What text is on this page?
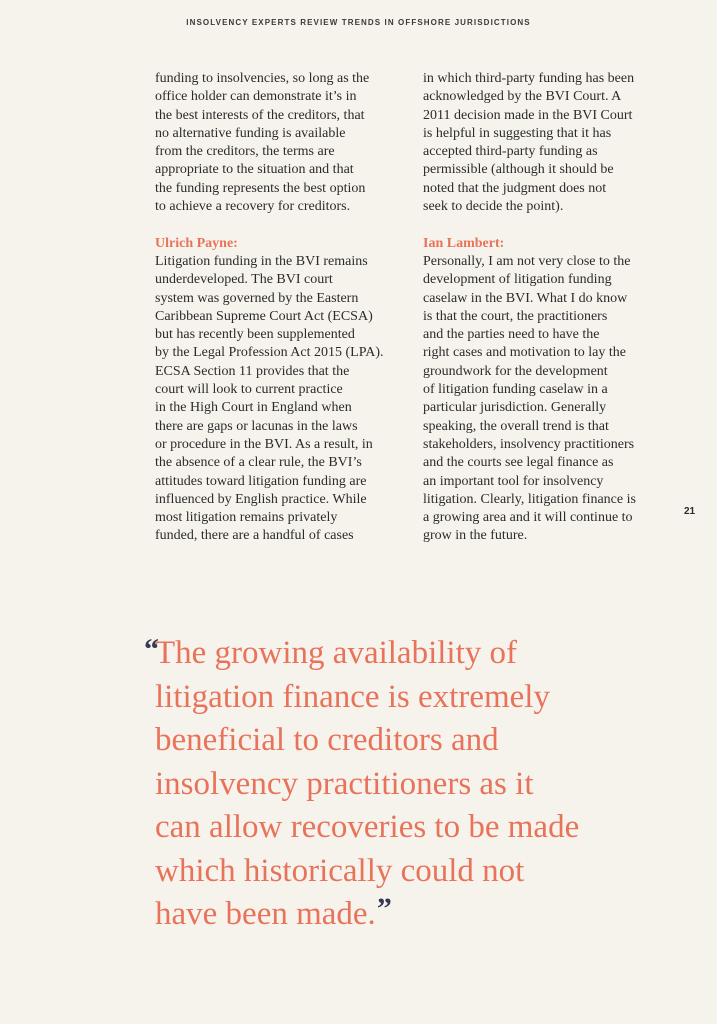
INSOLVENCY EXPERTS REVIEW TRENDS IN OFFSHORE JURISDICTIONS

funding to insolvencies, so long as the

office holder can demonstrate it’s in

the best interests of the creditors, that

no alternative funding is available

from the creditors, the terms are

appropriate to the situation and that

the funding represents the best option

to achieve a recovery for creditors.

Ulrich Payne:

Litigation funding in the BVI remains

underdeveloped. The BVI court

system was governed by the Eastern

Caribbean Supreme Court Act (ECSA)

but has recently been supplemented

by the Legal Profession Act 2015 (LPA).

ECSA Section 11 provides that the

court will look to current practice

in the High Court in England when

there are gaps or lacunas in the laws

or procedure in the BVI. As a result, in

the absence of a clear rule, the BVI’s

attitudes toward litigation funding are

influenced by English practice. While

most litigation remains privately

funded, there are a handful of cases

in which third-party funding has been

acknowledged by the BVI Court. A

2011 decision made in the BVI Court

is helpful in suggesting that it has

accepted third-party funding as

permissible (although it should be

noted that the judgment does not

seek to decide the point).

Ian Lambert:

Personally, I am not very close to the

development of litigation funding

caselaw in the BVI. What I do know

is that the court, the practitioners

and the parties need to have the

right cases and motivation to lay the

groundwork for the development

of litigation funding caselaw in a

particular jurisdiction. Generally

speaking, the overall trend is that

stakeholders, insolvency practitioners

and the courts see legal finance as

an important tool for insolvency

litigation. Clearly, litigation finance is

a growing area and it will continue to

grow in the future.

21
“

The growing availability of

litigation finance is extremely

beneficial to creditors and

insolvency practitioners as it

can allow recoveries to be made

which historically could not

have been made.”
